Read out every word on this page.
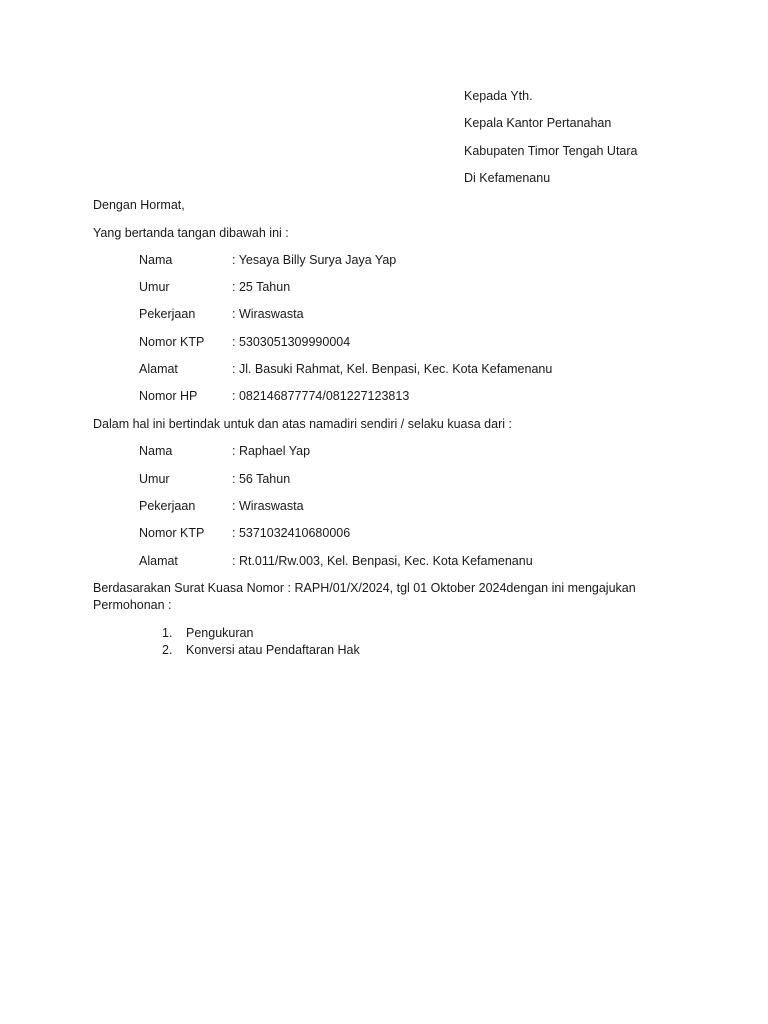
Kepada Yth.
Kepala Kantor Pertanahan
Kabupaten Timor Tengah Utara
Di Kefamenanu
Dengan Hormat,
Yang bertanda tangan dibawah ini :
Nama	: Yesaya Billy Surya Jaya Yap
Umur	: 25 Tahun
Pekerjaan	: Wiraswasta
Nomor KTP : 5303051309990004
Alamat	: Jl. Basuki Rahmat, Kel. Benpasi, Kec. Kota Kefamenanu
Nomor HP	: 082146877774/081227123813
Dalam hal ini bertindak untuk dan atas namadiri sendiri / selaku kuasa dari :
Nama	: Raphael Yap
Umur	: 56 Tahun
Pekerjaan	: Wiraswasta
Nomor KTP : 5371032410680006
Alamat	: Rt.011/Rw.003, Kel. Benpasi, Kec. Kota Kefamenanu
Berdasarakan Surat Kuasa Nomor : RAPH/01/X/2024, tgl 01 Oktober 2024dengan ini mengajukan Permohonan :
1. Pengukuran
2. Konversi atau Pendaftaran Hak
